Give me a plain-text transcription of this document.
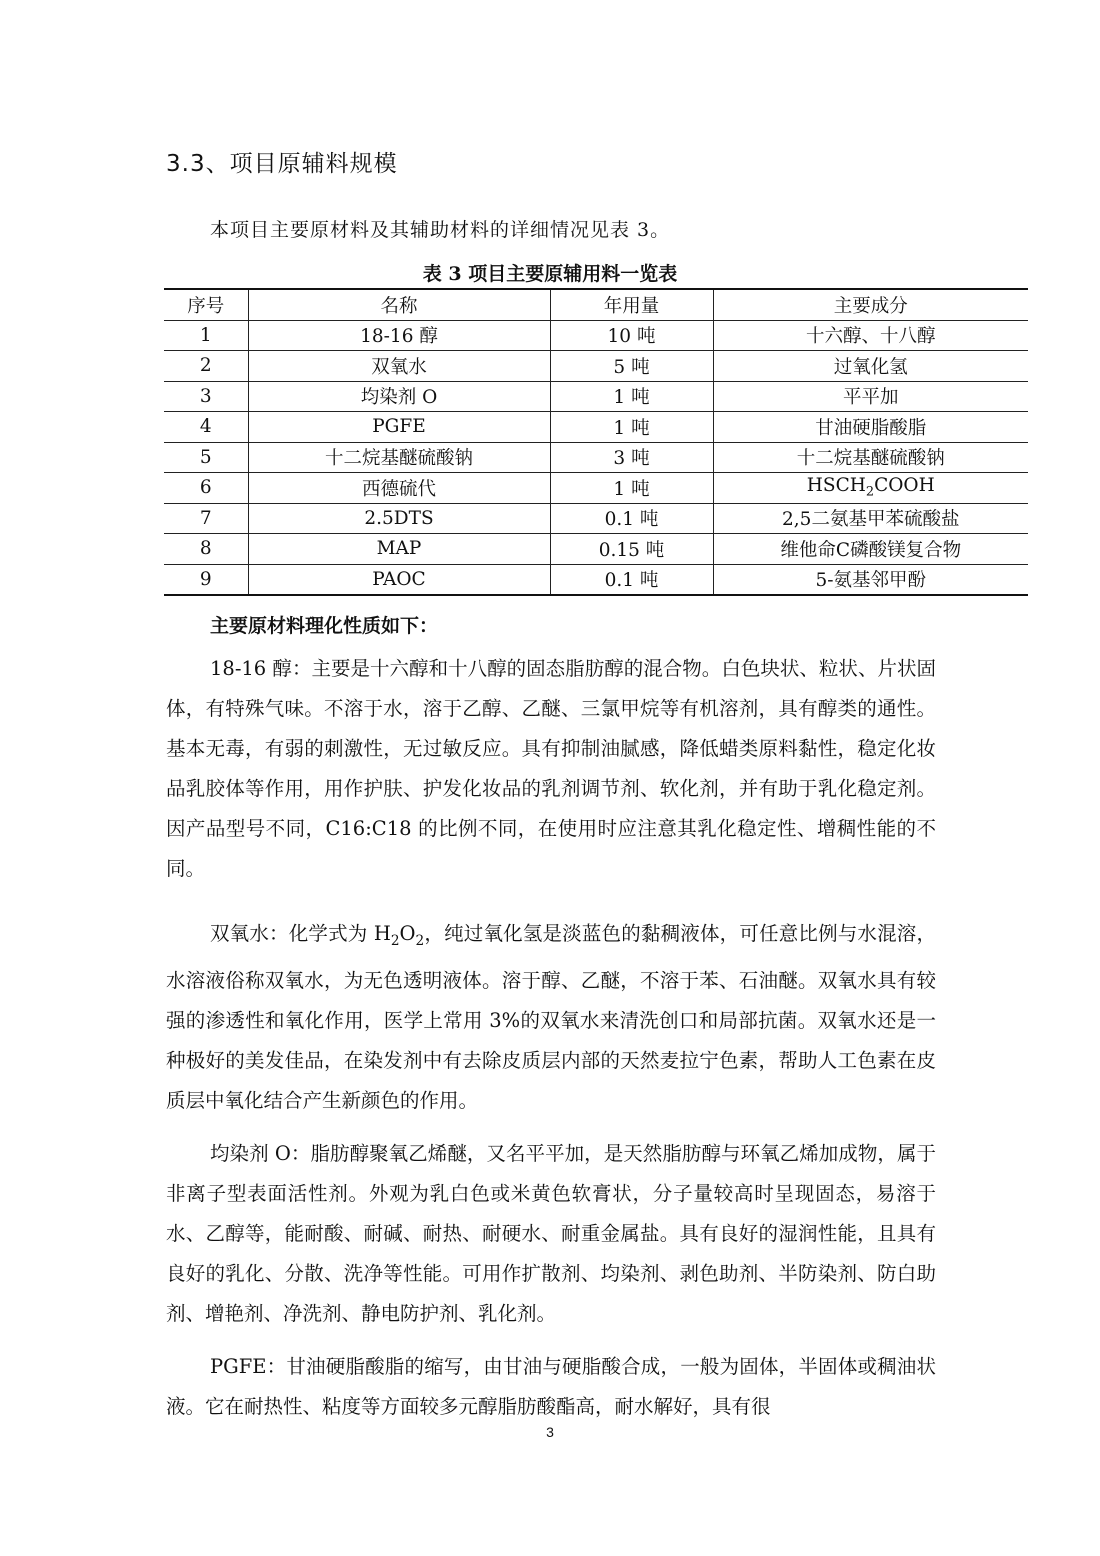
3.3、项目原辅料规模
本项目主要原材料及其辅助材料的详细情况见表 3。
表 3 项目主要原辅用料一览表
序号	名称	年用量	主要成分
1	18-16 醇	10 吨	十六醇、十八醇
2	双氧水	5 吨	过氧化氢
3	均染剂 O	1 吨	平平加
4	PGFE	1 吨	甘油硬脂酸脂
5	十二烷基醚硫酸钠	3 吨	十二烷基醚硫酸钠
6	西德硫代	1 吨	$HSCH_2COOH$
7	2.5DTS	0.1 吨	2,5二氨基甲苯硫酸盐
8	MAP	0.15 吨	维他命C磷酸镁复合物
9	PAOC	0.1 吨	5-氨基邻甲酚
主要原材料理化性质如下：

18-16 醇：主要是十六醇和十八醇的固态脂肪醇的混合物。白色块状、粒状、片状固体，有特殊气味。不溶于水，溶于乙醇、乙醚、三氯甲烷等有机溶剂，具有醇类的通性。基本无毒，有弱的刺激性，无过敏反应。具有抑制油腻感，降低蜡类原料黏性，稳定化妆品乳胶体等作用，用作护肤、护发化妆品的乳剂调节剂、软化剂，并有助于乳化稳定剂。因产品型号不同，C16:C18 的比例不同，在使用时应注意其乳化稳定性、增稠性能的不同。

双氧水：化学式为 $H_2O_2$，纯过氧化氢是淡蓝色的黏稠液体，可任意比例与水混溶，水溶液俗称双氧水，为无色透明液体。溶于醇、乙醚，不溶于苯、石油醚。双氧水具有较强的渗透性和氧化作用，医学上常用 3%的双氧水来清洗创口和局部抗菌。双氧水还是一种极好的美发佳品，在染发剂中有去除皮质层内部的天然麦拉宁色素，帮助人工色素在皮质层中氧化结合产生新颜色的作用。

均染剂 O：脂肪醇聚氧乙烯醚，又名平平加，是天然脂肪醇与环氧乙烯加成物，属于非离子型表面活性剂。外观为乳白色或米黄色软膏状，分子量较高时呈现固态，易溶于水、乙醇等，能耐酸、耐碱、耐热、耐硬水、耐重金属盐。具有良好的湿润性能，且具有良好的乳化、分散、洗净等性能。可用作扩散剂、均染剂、剥色助剂、半防染剂、防白助剂、增艳剂、净洗剂、静电防护剂、乳化剂。

PGFE：甘油硬脂酸脂的缩写，由甘油与硬脂酸合成，一般为固体，半固体或稠油状液。它在耐热性、粘度等方面较多元醇脂肪酸酯高，耐水解好，具有很

3
